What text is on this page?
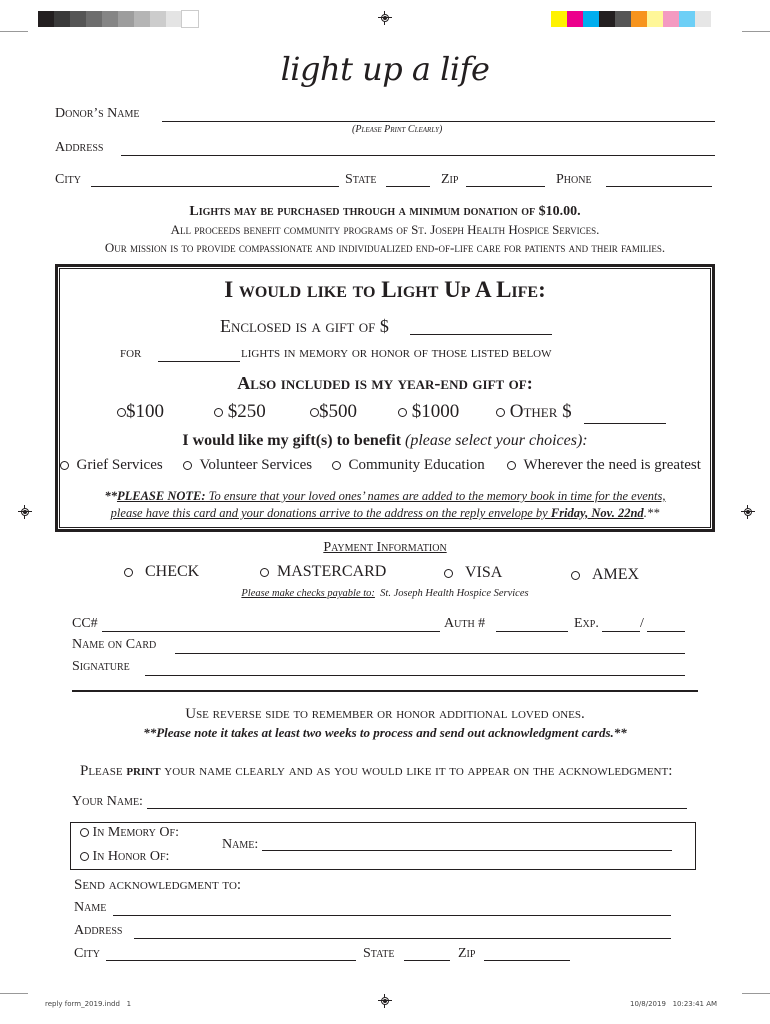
light up a life
Donor’s Name
(Please Print Clearly)
Address
City	State	Zip	Phone
Lights may be purchased through a minimum donation of $10.00.
All proceeds benefit community programs of St. Joseph Health Hospice Services.
Our mission is to provide compassionate and individualized end-of-life care for patients and their families.
I would like to Light Up A Life:
Enclosed is a gift of $
for	lights in memory or honor of those listed below
Also included is my year-end gift of:
$100	$250	$500	$1000	Other $
I would like my gift(s) to benefit (please select your choices):
Grief Services	Volunteer Services	Community Education	Wherever the need is greatest
**PLEASE NOTE: To ensure that your loved ones’ names are added to the memory book in time for the events,
please have this card and your donations arrive to the address on the reply envelope by Friday, Nov. 22nd.**
Payment Information
CHECK	MASTERCARD	VISA	AMEX
Please make checks payable to: St. Joseph Health Hospice Services
CC#	Auth #	Exp.	/
Name on Card
Signature
Use reverse side to remember or honor additional loved ones.
**Please note it takes at least two weeks to process and send out acknowledgment cards.**
Please print your name clearly and as you would like it to appear on the acknowledgment:
Your Name:
In Memory Of:
In Honor Of:
Name:
Send acknowledgment to:
Name
Address
City	State	Zip
reply form_2019.indd   1	10/8/2019   10:23:41 AM
